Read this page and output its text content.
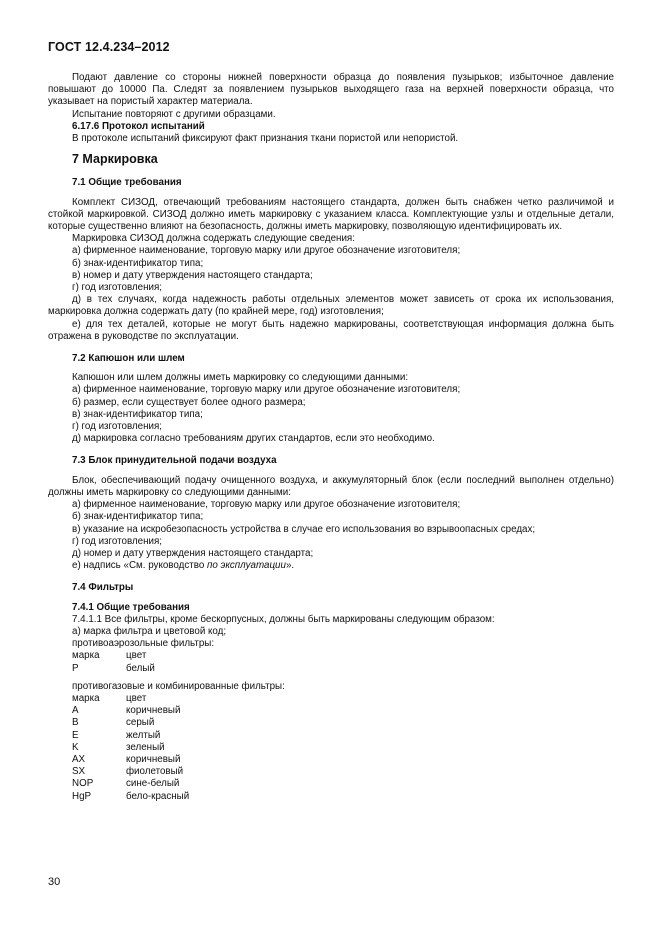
ГОСТ 12.4.234–2012

Подают давление со стороны нижней поверхности образца до появления пузырьков; избыточное давление повышают до 10000 Па. Следят за появлением пузырьков выходящего газа на верхней поверхности образца, что указывает на пористый характер материала.

Испытание повторяют с другими образцами.

6.17.6 Протокол испытаний

В протоколе испытаний фиксируют факт признания ткани пористой или непористой.

7 Маркировка
7.1 Общие требования

Комплект СИЗОД, отвечающий требованиям настоящего стандарта, должен быть снабжен четко различимой и стойкой маркировкой. СИЗОД должно иметь маркировку с указанием класса. Комплектующие узлы и отдельные детали, которые существенно влияют на безопасность, должны иметь маркировку, позволяющую идентифицировать их.

Маркировка СИЗОД должна содержать следующие сведения:

а) фирменное наименование, торговую марку или другое обозначение изготовителя;

б) знак-идентификатор типа;

в) номер и дату утверждения настоящего стандарта;

г) год изготовления;

д) в тех случаях, когда надежность работы отдельных элементов может зависеть от срока их использования, маркировка должна содержать дату (по крайней мере, год) изготовления;

е) для тех деталей, которые не могут быть надежно маркированы, соответствующая информация должна быть отражена в руководстве по эксплуатации.

7.2 Капюшон или шлем

Капюшон или шлем должны иметь маркировку со следующими данными:

а) фирменное наименование, торговую марку или другое обозначение изготовителя;

б) размер, если существует более одного размера;

в) знак-идентификатор типа;

г) год изготовления;

д) маркировка согласно требованиям других стандартов, если это необходимо.

7.3 Блок принудительной подачи воздуха

Блок, обеспечивающий подачу очищенного воздуха, и аккумуляторный блок (если последний выполнен отдельно) должны иметь маркировку со следующими данными:

а) фирменное наименование, торговую марку или другое обозначение изготовителя;

б) знак-идентификатор типа;

в) указание на искробезопасность устройства в случае его использования во взрывоопасных средах;

г) год изготовления;

д) номер и дату утверждения настоящего стандарта;

е) надпись «См. руководство по эксплуатации».

7.4 Фильтры

7.4.1 Общие требования

7.4.1.1 Все фильтры, кроме бескорпусных, должны быть маркированы следующим образом:

а) марка фильтра и цветовой код;

противоаэрозольные фильтры:

марка	цвет
P	белый

противогазовые и комбинированные фильтры:

марка	цвет
A	коричневый
B	серый
E	желтый
K	зеленый
AX	коричневый
SX	фиолетовый
NOP	сине-белый
HgP	бело-красный
30
